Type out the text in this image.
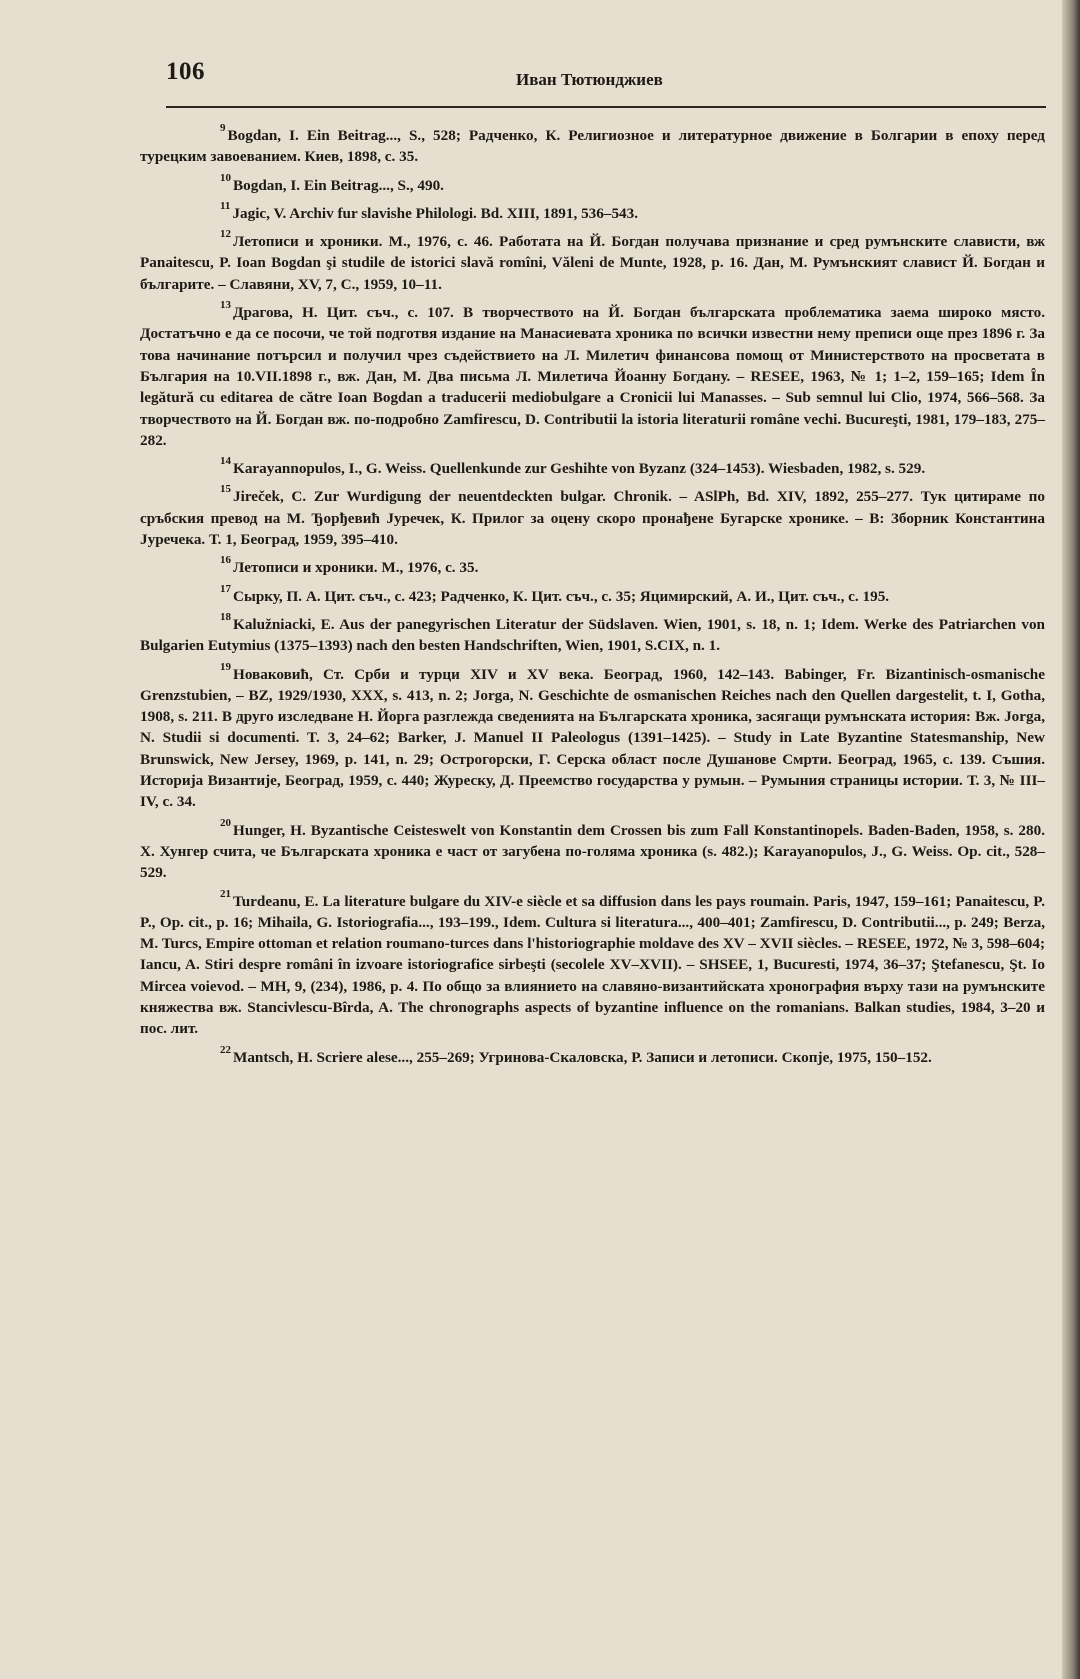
106	Иван Тютюнджиев

9 Bogdan, I. Ein Beitrag..., S., 528; Радченко, К. Религиозное и литературное движение в Болгарии в епоху перед турецким завоеванием. Киев, 1898, с. 35.

10 Bogdan, I. Ein Beitrag..., S., 490.

11 Jagic, V. Archiv fur slavishe Philologi. Bd. XIII, 1891, 536–543.

12 Летописи и хроники. М., 1976, с. 46. Работата на Й. Богдан получава признание и сред румънските слависти, вж Panaitescu, P. Ioan Bogdan şi studile de istorici slavă romîni, Văleni de Munte, 1928, p. 16. Дан, М. Румънският славист Й. Богдан и българите. – Славяни, XV, 7, С., 1959, 10–11.

13 Драгова, Н. Цит. съч., с. 107. В творчеството на Й. Богдан българската проблематика заема широко място. Достатъчно е да се посочи, че той подготвя издание на Манасиевата хроника по всички известни нему преписи още през 1896 г. За това начинание потърсил и получил чрез съдействието на Л. Милетич финансова помощ от Министерството на просветата в България на 10.VII.1898 г., вж. Дан, М. Два письма Л. Милетича Йоанну Богдану. – RESEE, 1963, № 1; 1–2, 159–165; Idem În legătură cu editarea de către Ioan Bogdan a traducerii mediobulgare a Cronicii lui Manasses. – Sub semnul lui Clio, 1974, 566–568. За творчеството на Й. Богдан вж. по-подробно Zamfirescu, D. Contributii la istoria literaturii române vechi. Bucureşti, 1981, 179–183, 275–282.

14 Karayannopulos, I., G. Weiss. Quellenkunde zur Geshihte von Byzanz (324–1453). Wiesbaden, 1982, s. 529.

15 Jireček, C. Zur Wurdigung der neuentdeckten bulgar. Chronik. – ASlPh, Bd. XIV, 1892, 255–277. Тук цитираме по сръбския превод на М. Ђорђевић Јуречек, К. Прилог за оцену скоро пронађене Бугарске хронике. – В: Зборник Константина Јуречека. Т. 1, Београд, 1959, 395–410.

16 Летописи и хроники. М., 1976, с. 35.

17 Сырку, П. А. Цит. съч., с. 423; Радченко, К. Цит. съч., с. 35; Яцимирский, А. И., Цит. съч., с. 195.

18 Kalužniacki, E. Aus der panegyrischen Literatur der Südslaven. Wien, 1901, s. 18, n. 1; Idem. Werke des Patriarchen von Bulgarien Eutymius (1375–1393) nach den besten Handschriften, Wien, 1901, S.CIX, n. 1.

19 Новаковић, Ст. Срби и турци XIV и XV века. Београд, 1960, 142–143. Babinger, Fr. Bizantinisch-osmanische Grenzstubien, – BZ, 1929/1930, XXX, s. 413, n. 2; Jorga, N. Geschichte de osmanischen Reiches nach den Quellen dargestelit, t. I, Gotha, 1908, s. 211. В друго изследване Н. Йорга разглежда сведенията на Българската хроника, засягащи румънската история: Вж. Jorga, N. Studii si documenti. T. 3, 24–62; Barker, J. Manuel II Paleologus (1391–1425). – Study in Late Byzantine Statesmanship, New Brunswick, New Jersey, 1969, p. 141, n. 29; Острогорски, Г. Серска област после Душанове Смрти. Београд, 1965, с. 139. Съшия. Историја Византије, Београд, 1959, с. 440; Журеску, Д. Преемство государства у румын. – Румыния страницы истории. Т. 3, № III–IV, с. 34.

20 Hunger, H. Byzantische Ceisteswelt von Konstantin dem Crossen bis zum Fall Konstantinopels. Baden-Baden, 1958, s. 280. Х. Хунгер счита, че Българската хроника е част от загубена по-голяма хроника (s. 482.); Karayanopulos, J., G. Weiss. Op. cit., 528–529.

21 Turdeanu, E. La literature bulgare du XIV-e siècle et sa diffusion dans les pays roumain. Paris, 1947, 159–161; Panaitescu, P. P., Op. cit., p. 16; Mihaila, G. Istoriografia..., 193–199., Idem. Cultura si literatura..., 400–401; Zamfirescu, D. Contributii..., p. 249; Berza, M. Turcs, Empire ottoman et relation roumano-turces dans l'historiographie moldave des XV – XVII siècles. – RESEE, 1972, № 3, 598–604; Iancu, A. Stiri despre români în izvoare istoriografice sirbeşti (secolele XV–XVII). – SHSEE, 1, Bucuresti, 1974, 36–37; Ştefanescu, Şt. Io Mircea voievod. – MH, 9, (234), 1986, p. 4. По общо за влиянието на славяно-византийската хронография върху тази на румънските княжества вж. Stancivlescu-Bîrda, A. The chronographs aspects of byzantine influence on the romanians. Balkan studies, 1984, 3–20 и пос. лит.

22 Mantsch, H. Scriere alese..., 255–269; Угринова-Скаловска, Р. Записи и летописи. Скопје, 1975, 150–152.
